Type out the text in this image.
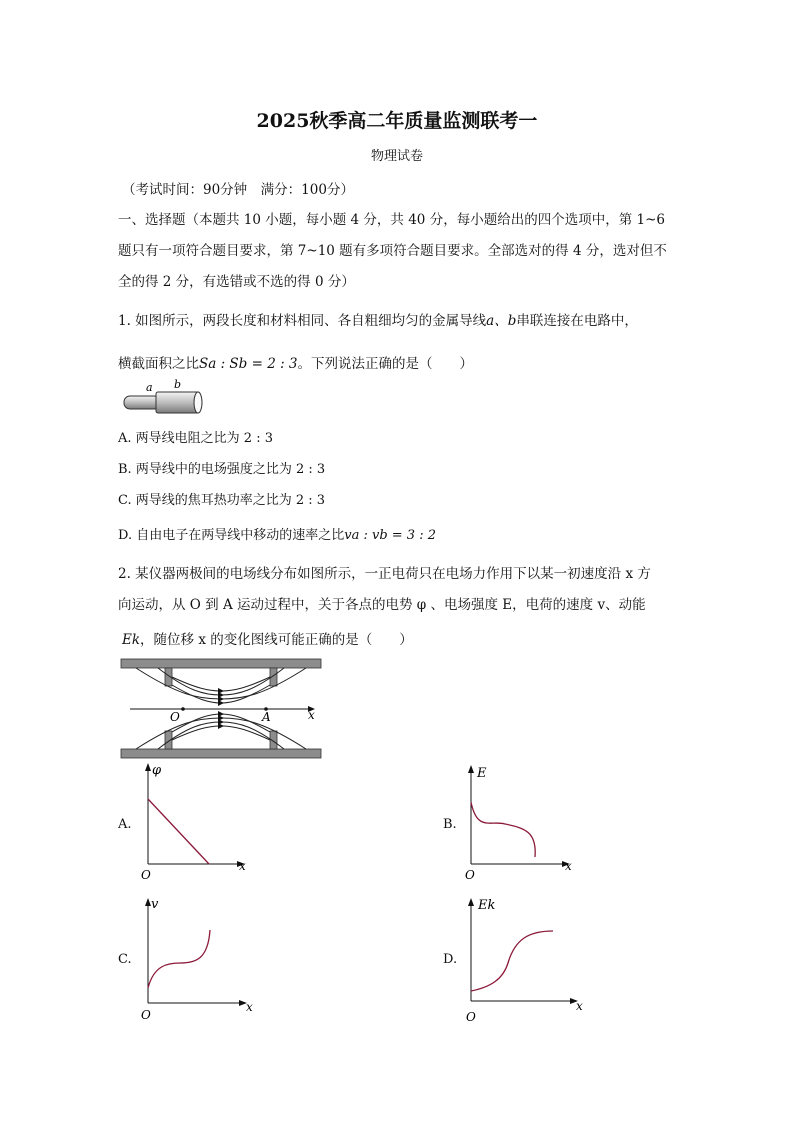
2025秋季高二年质量监测联考一
物理试卷
（考试时间：90分钟　满分：100分）
一、选择题（本题共 10 小题，每小题 4 分，共 40 分，每小题给出的四个选项中，第 1~6
题只有一项符合题目要求，第 7~10 题有多项符合题目要求。全部选对的得 4 分，选对但不
全的得 2 分，有选错或不选的得 0 分）
1. 如图所示，两段长度和材料相同、各自粗细均匀的金属导线a、b串联连接在电路中，
横截面积之比Sa : Sb = 2 : 3。下列说法正确的是（　　）
a b
A. 两导线电阻之比为 2 : 3
B. 两导线中的电场强度之比为 2 : 3
C. 两导线的焦耳热功率之比为 2 : 3
D. 自由电子在两导线中移动的速率之比va : vb = 3 : 2
2. 某仪器两极间的电场线分布如图所示，一正电荷只在电场力作用下以某一初速度沿 x 方
向运动，从 O 到 A 运动过程中，关于各点的电势 φ 、电场强度 E，电荷的速度 v、动能
Ek，随位移 x 的变化图线可能正确的是（　　）
O	A	x
A.
φ
x
O
B.
E
x
O
C.
v
x
O
D.
Ek
x
O
